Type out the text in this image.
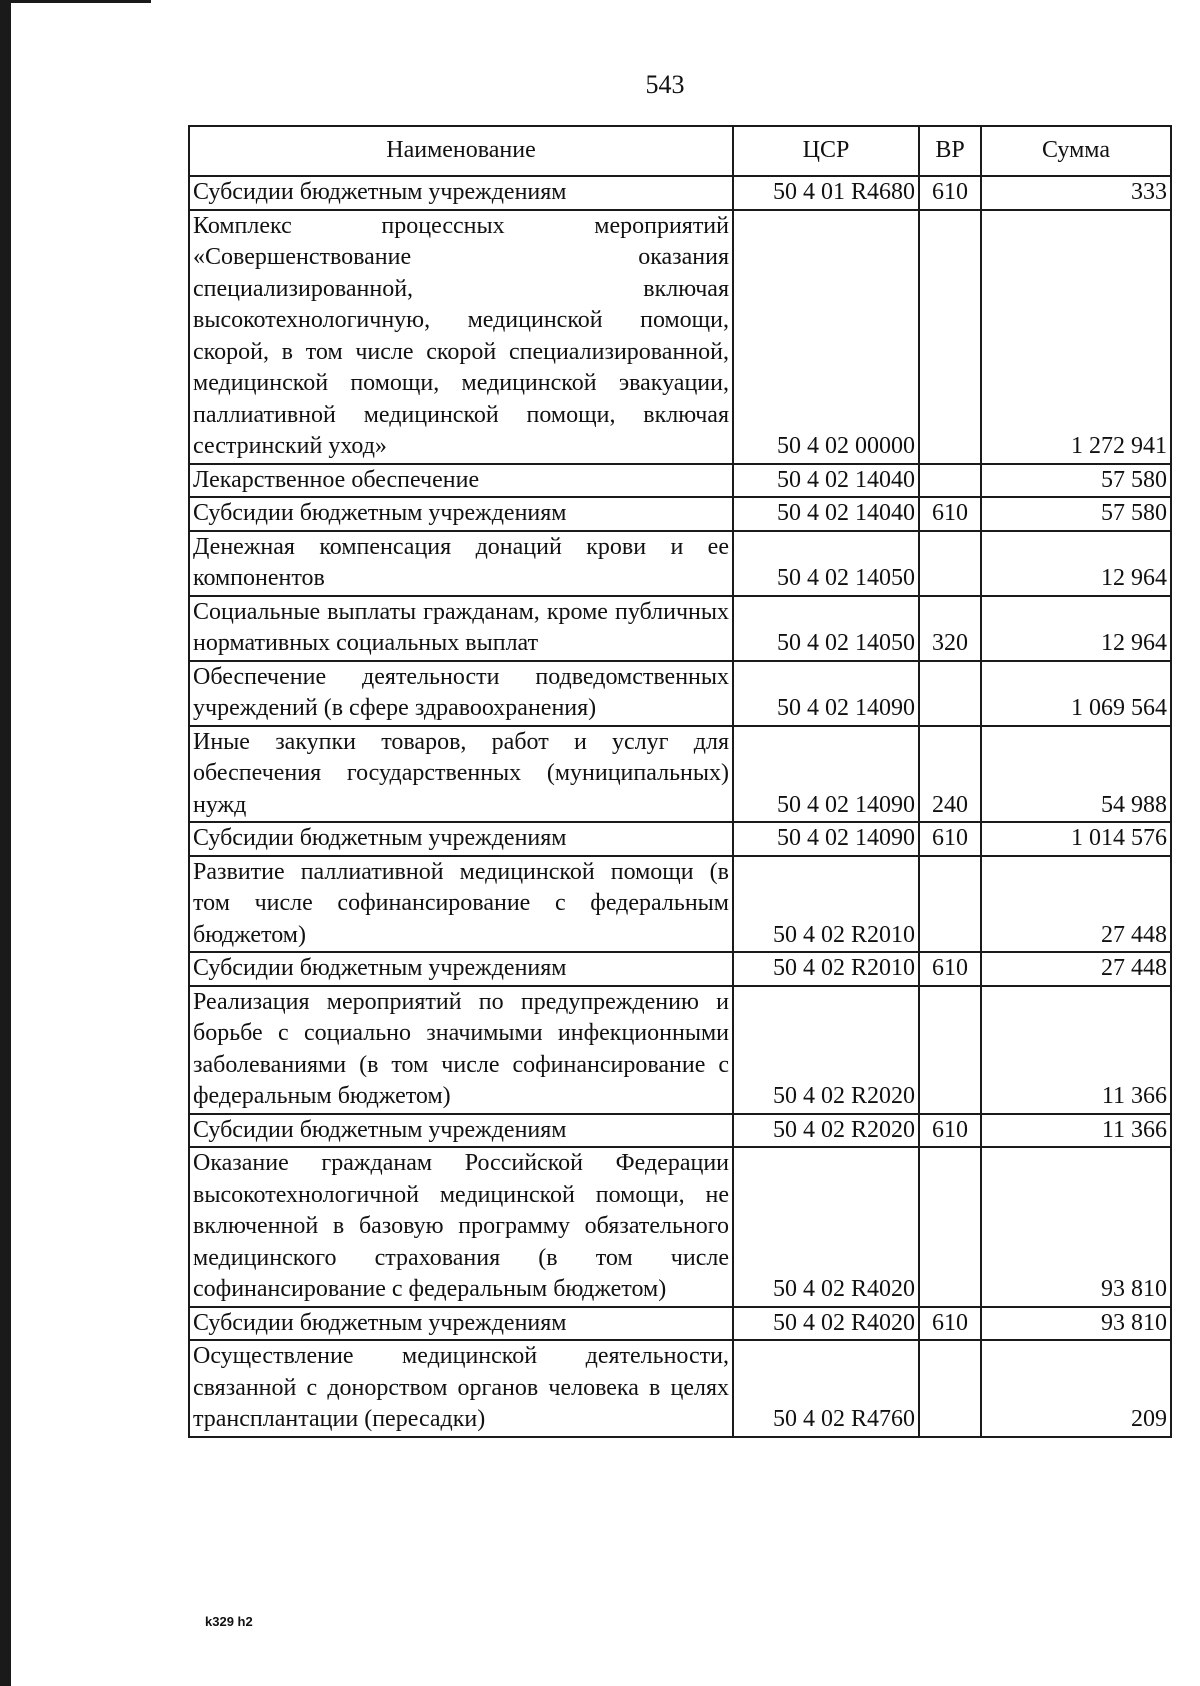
543
Наименование	ЦСР	ВР	Сумма
Субсидии бюджетным учреждениям	50 4 01 R4680	610	333
Комплекс процессных мероприятий «Совершенствование оказания специализированной, включая высокотехнологичную, медицинской помощи, скорой, в том числе скорой специализированной, медицинской помощи, медицинской эвакуации, паллиативной медицинской помощи, включая сестринский уход»	50 4 02 00000		1 272 941
Лекарственное обеспечение	50 4 02 14040		57 580
Субсидии бюджетным учреждениям	50 4 02 14040	610	57 580
Денежная компенсация донаций крови и ее компонентов	50 4 02 14050		12 964
Социальные выплаты гражданам, кроме публичных нормативных социальных выплат	50 4 02 14050	320	12 964
Обеспечение деятельности подведомственных учреждений (в сфере здравоохранения)	50 4 02 14090		1 069 564
Иные закупки товаров, работ и услуг для обеспечения государственных (муниципальных) нужд	50 4 02 14090	240	54 988
Субсидии бюджетным учреждениям	50 4 02 14090	610	1 014 576
Развитие паллиативной медицинской помощи (в том числе софинансирование с федеральным бюджетом)	50 4 02 R2010		27 448
Субсидии бюджетным учреждениям	50 4 02 R2010	610	27 448
Реализация мероприятий по предупреждению и борьбе с социально значимыми инфекционными заболеваниями (в том числе софинансирование с федеральным бюджетом)	50 4 02 R2020		11 366
Субсидии бюджетным учреждениям	50 4 02 R2020	610	11 366
Оказание гражданам Российской Федерации высокотехнологичной медицинской помощи, не включенной в базовую программу обязательного медицинского страхования (в том числе софинансирование с федеральным бюджетом)	50 4 02 R4020		93 810
Субсидии бюджетным учреждениям	50 4 02 R4020	610	93 810
Осуществление медицинской деятельности, связанной с донорством органов человека в целях трансплантации (пересадки)	50 4 02 R4760		209
k329 h2
